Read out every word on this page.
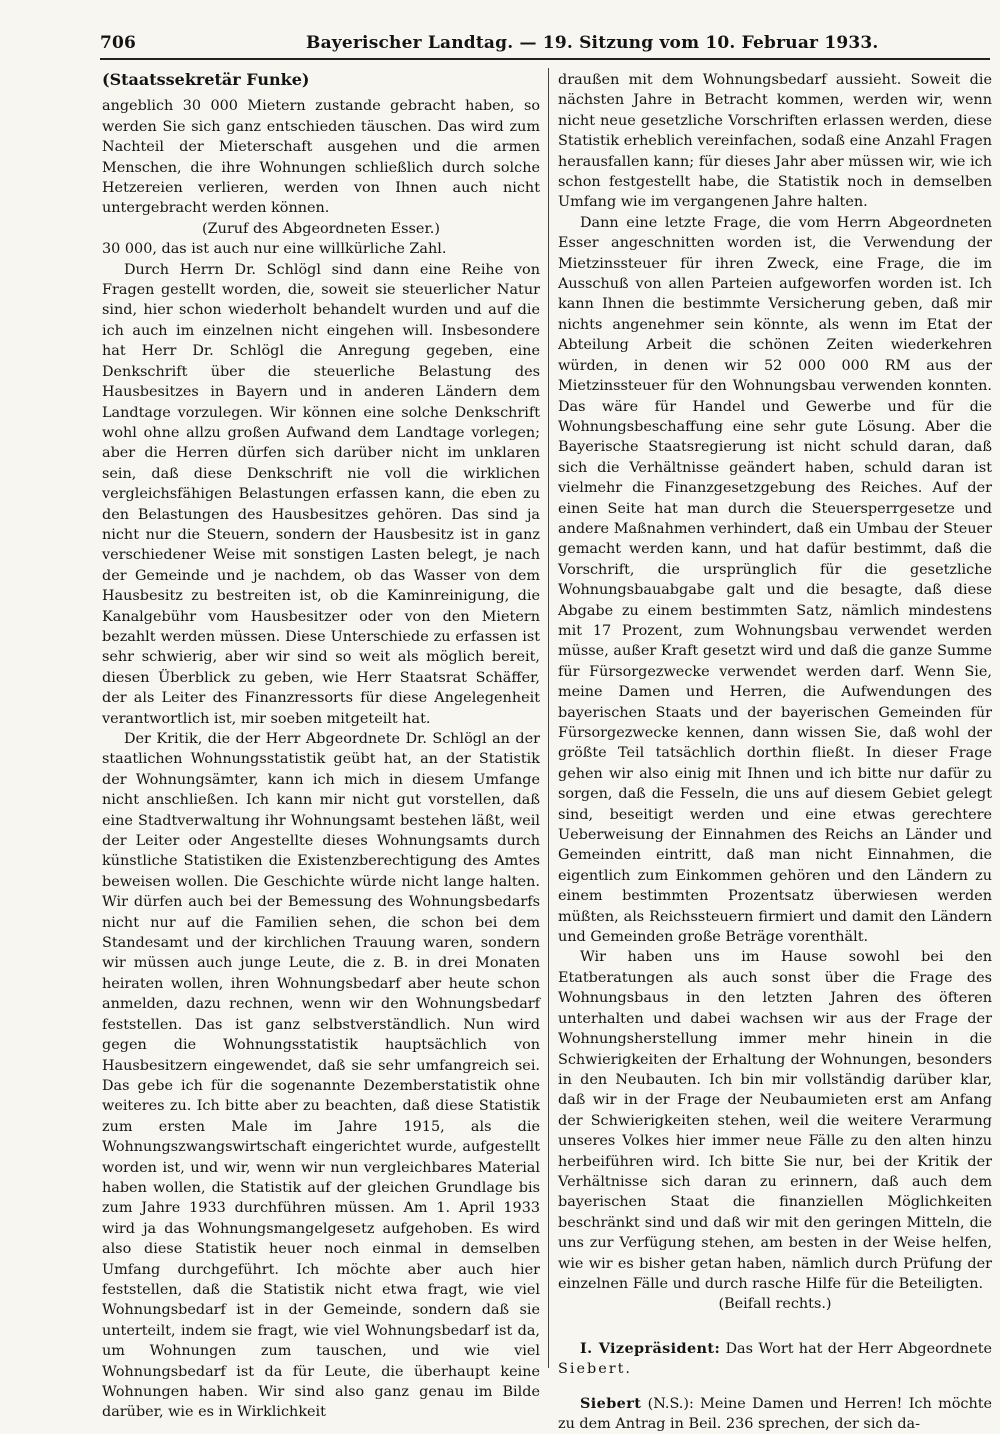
706	Bayerischer Landtag. — 19. Sitzung vom 10. Februar 1933.

(Staatssekretär Funke)

angeblich 30 000 Mietern zustande gebracht haben, so werden Sie sich ganz entschieden täuschen. Das wird zum Nachteil der Mieterschaft ausgehen und die armen Menschen, die ihre Wohnungen schließlich durch solche Hetzereien verlieren, werden von Ihnen auch nicht untergebracht werden können.

(Zuruf des Abgeordneten Esser.)

30 000, das ist auch nur eine willkürliche Zahl.

Durch Herrn Dr. Schlögl sind dann eine Reihe von Fragen gestellt worden, die, soweit sie steuerlicher Natur sind, hier schon wiederholt behandelt wurden und auf die ich auch im einzelnen nicht eingehen will. Insbesondere hat Herr Dr. Schlögl die Anregung gegeben, eine Denkschrift über die steuerliche Belastung des Hausbesitzes in Bayern und in anderen Ländern dem Landtage vorzulegen. Wir können eine solche Denkschrift wohl ohne allzu großen Aufwand dem Landtage vorlegen; aber die Herren dürfen sich darüber nicht im unklaren sein, daß diese Denkschrift nie voll die wirklichen vergleichsfähigen Belastungen erfassen kann, die eben zu den Belastungen des Hausbesitzes gehören. Das sind ja nicht nur die Steuern, sondern der Hausbesitz ist in ganz verschiedener Weise mit sonstigen Lasten belegt, je nach der Gemeinde und je nachdem, ob das Wasser von dem Hausbesitz zu bestreiten ist, ob die Kaminreinigung, die Kanalgebühr vom Hausbesitzer oder von den Mietern bezahlt werden müssen. Diese Unterschiede zu erfassen ist sehr schwierig, aber wir sind so weit als möglich bereit, diesen Überblick zu geben, wie Herr Staatsrat Schäffer, der als Leiter des Finanzressorts für diese Angelegenheit verantwortlich ist, mir soeben mitgeteilt hat.

Der Kritik, die der Herr Abgeordnete Dr. Schlögl an der staatlichen Wohnungsstatistik geübt hat, an der Statistik der Wohnungsämter, kann ich mich in diesem Umfange nicht anschließen. Ich kann mir nicht gut vorstellen, daß eine Stadtverwaltung ihr Wohnungsamt bestehen läßt, weil der Leiter oder Angestellte dieses Wohnungsamts durch künstliche Statistiken die Existenzberechtigung des Amtes beweisen wollen. Die Geschichte würde nicht lange halten. Wir dürfen auch bei der Bemessung des Wohnungsbedarfs nicht nur auf die Familien sehen, die schon bei dem Standesamt und der kirchlichen Trauung waren, sondern wir müssen auch junge Leute, die z. B. in drei Monaten heiraten wollen, ihren Wohnungsbedarf aber heute schon anmelden, dazu rechnen, wenn wir den Wohnungsbedarf feststellen. Das ist ganz selbstverständlich. Nun wird gegen die Wohnungsstatistik hauptsächlich von Hausbesitzern eingewendet, daß sie sehr umfangreich sei. Das gebe ich für die sogenannte Dezemberstatistik ohne weiteres zu. Ich bitte aber zu beachten, daß diese Statistik zum ersten Male im Jahre 1915, als die Wohnungszwangswirtschaft eingerichtet wurde, aufgestellt worden ist, und wir, wenn wir nun vergleichbares Material haben wollen, die Statistik auf der gleichen Grundlage bis zum Jahre 1933 durchführen müssen. Am 1. April 1933 wird ja das Wohnungsmangelgesetz aufgehoben. Es wird also diese Statistik heuer noch einmal in demselben Umfang durchgeführt. Ich möchte aber auch hier feststellen, daß die Statistik nicht etwa fragt, wie viel Wohnungsbedarf ist in der Gemeinde, sondern daß sie unterteilt, indem sie fragt, wie viel Wohnungsbedarf ist da, um Wohnungen zum tauschen, und wie viel Wohnungsbedarf ist da für Leute, die überhaupt keine Wohnungen haben. Wir sind also ganz genau im Bilde darüber, wie es in Wirklichkeit

draußen mit dem Wohnungsbedarf aussieht. Soweit die nächsten Jahre in Betracht kommen, werden wir, wenn nicht neue gesetzliche Vorschriften erlassen werden, diese Statistik erheblich vereinfachen, sodaß eine Anzahl Fragen herausfallen kann; für dieses Jahr aber müssen wir, wie ich schon festgestellt habe, die Statistik noch in demselben Umfang wie im vergangenen Jahre halten.

Dann eine letzte Frage, die vom Herrn Abgeordneten Esser angeschnitten worden ist, die Verwendung der Mietzinssteuer für ihren Zweck, eine Frage, die im Ausschuß von allen Parteien aufgeworfen worden ist. Ich kann Ihnen die bestimmte Versicherung geben, daß mir nichts angenehmer sein könnte, als wenn im Etat der Abteilung Arbeit die schönen Zeiten wiederkehren würden, in denen wir 52 000 000 RM aus der Mietzinssteuer für den Wohnungsbau verwenden konnten. Das wäre für Handel und Gewerbe und für die Wohnungsbeschaffung eine sehr gute Lösung. Aber die Bayerische Staatsregierung ist nicht schuld daran, daß sich die Verhältnisse geändert haben, schuld daran ist vielmehr die Finanzgesetzgebung des Reiches. Auf der einen Seite hat man durch die Steuersperrgesetze und andere Maßnahmen verhindert, daß ein Umbau der Steuer gemacht werden kann, und hat dafür bestimmt, daß die Vorschrift, die ursprünglich für die gesetzliche Wohnungsbauabgabe galt und die besagte, daß diese Abgabe zu einem bestimmten Satz, nämlich mindestens mit 17 Prozent, zum Wohnungsbau verwendet werden müsse, außer Kraft gesetzt wird und daß die ganze Summe für Fürsorgezwecke verwendet werden darf. Wenn Sie, meine Damen und Herren, die Aufwendungen des bayerischen Staats und der bayerischen Gemeinden für Fürsorgezwecke kennen, dann wissen Sie, daß wohl der größte Teil tatsächlich dorthin fließt. In dieser Frage gehen wir also einig mit Ihnen und ich bitte nur dafür zu sorgen, daß die Fesseln, die uns auf diesem Gebiet gelegt sind, beseitigt werden und eine etwas gerechtere Ueberweisung der Einnahmen des Reichs an Länder und Gemeinden eintritt, daß man nicht Einnahmen, die eigentlich zum Einkommen gehören und den Ländern zu einem bestimmten Prozentsatz überwiesen werden müßten, als Reichssteuern firmiert und damit den Ländern und Gemeinden große Beträge vorenthält.

Wir haben uns im Hause sowohl bei den Etatberatungen als auch sonst über die Frage des Wohnungsbaus in den letzten Jahren des öfteren unterhalten und dabei wachsen wir aus der Frage der Wohnungsherstellung immer mehr hinein in die Schwierigkeiten der Erhaltung der Wohnungen, besonders in den Neubauten. Ich bin mir vollständig darüber klar, daß wir in der Frage der Neubaumieten erst am Anfang der Schwierigkeiten stehen, weil die weitere Verarmung unseres Volkes hier immer neue Fälle zu den alten hinzu herbeiführen wird. Ich bitte Sie nur, bei der Kritik der Verhältnisse sich daran zu erinnern, daß auch dem bayerischen Staat die finanziellen Möglichkeiten beschränkt sind und daß wir mit den geringen Mitteln, die uns zur Verfügung stehen, am besten in der Weise helfen, wie wir es bisher getan haben, nämlich durch Prüfung der einzelnen Fälle und durch rasche Hilfe für die Beteiligten.

(Beifall rechts.)

I. Vizepräsident: Das Wort hat der Herr Abgeordnete Siebert.

Siebert (N.S.): Meine Damen und Herren! Ich möchte zu dem Antrag in Beil. 236 sprechen, der sich da-
